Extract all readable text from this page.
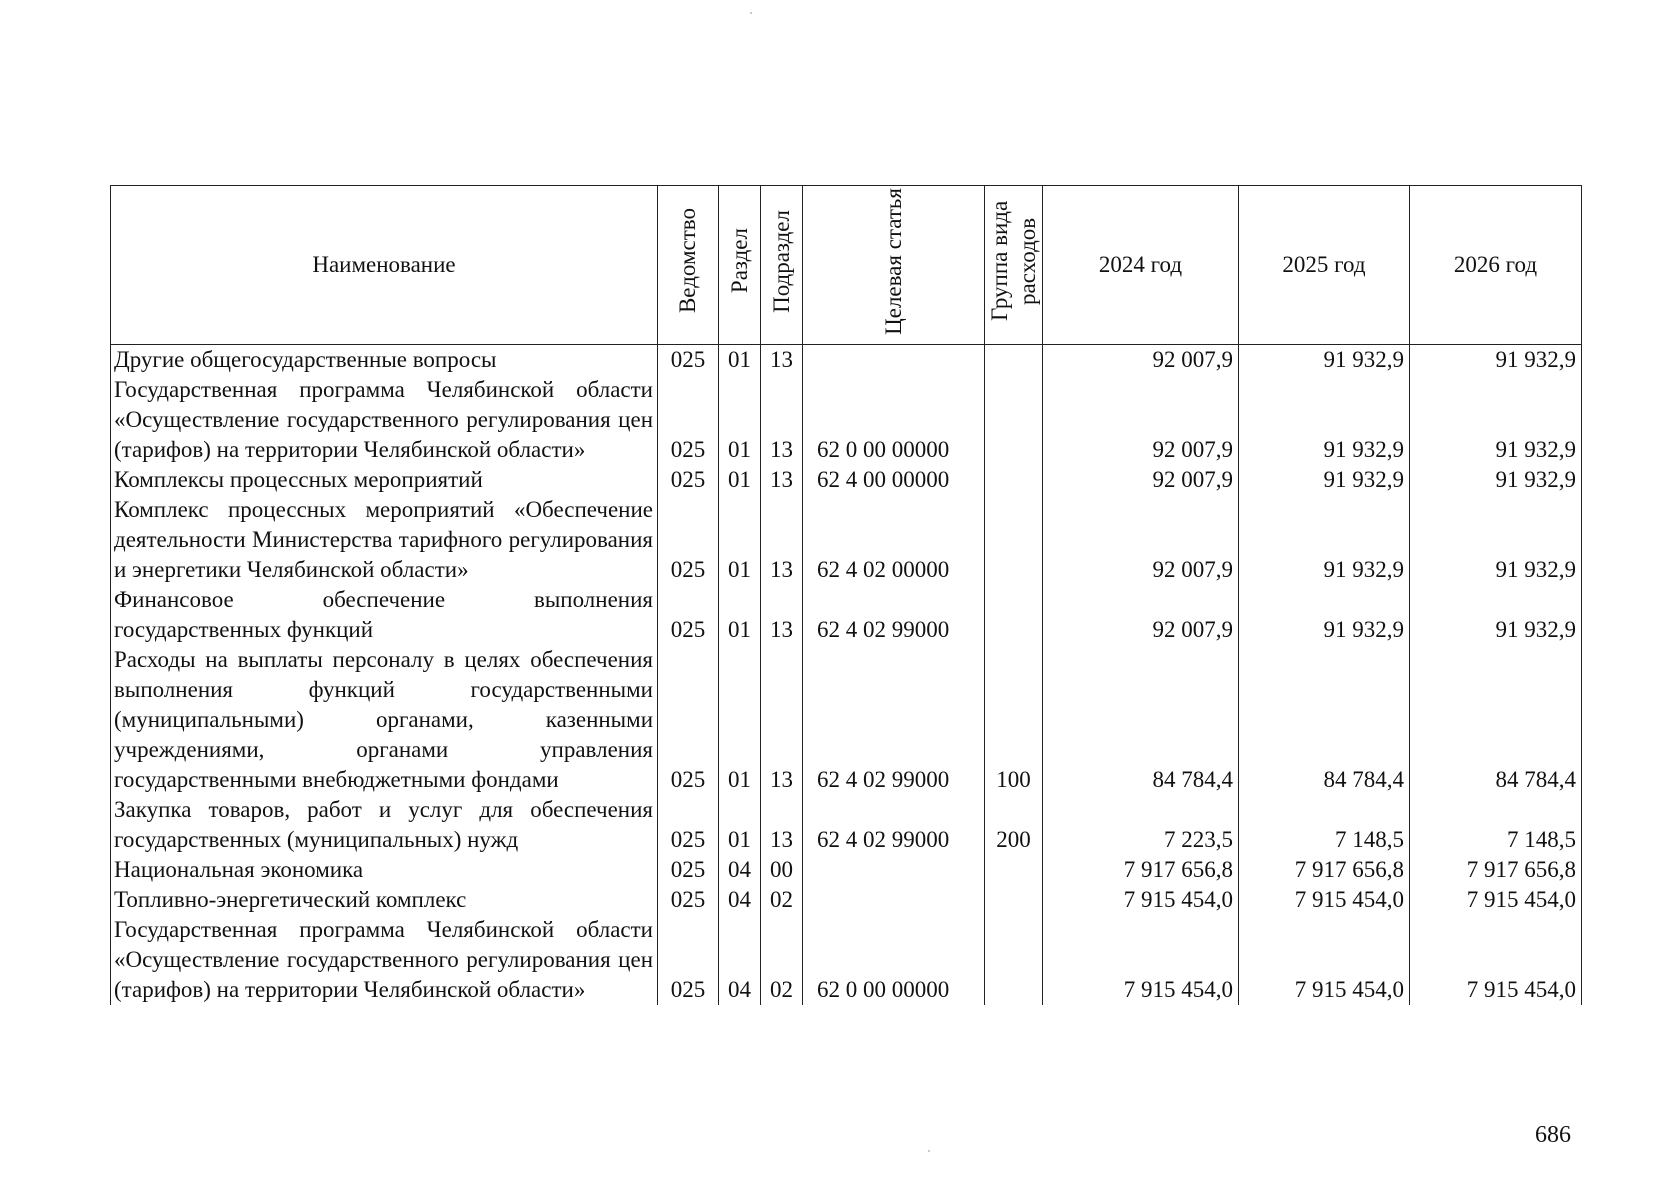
Наименование	Ведомство	Раздел	Подраздел	Целевая статья	Группа вида расходов	2024 год	2025 год	2026 год
Другие общегосударственные вопросы	025	01	13			92 007,9	91 932,9	91 932,9
Государственная программа Челябинской области «Осуществление государственного регулирования цен (тарифов) на территории Челябинской области»	025	01	13	62 0 00 00000		92 007,9	91 932,9	91 932,9
Комплексы процессных мероприятий	025	01	13	62 4 00 00000		92 007,9	91 932,9	91 932,9
Комплекс процессных мероприятий «Обеспечение деятельности Министерства тарифного регулирования и энергетики Челябинской области»	025	01	13	62 4 02 00000		92 007,9	91 932,9	91 932,9
Финансовое обеспечение выполнения государственных функций	025	01	13	62 4 02 99000		92 007,9	91 932,9	91 932,9
Расходы на выплаты персоналу в целях обеспечения выполнения функций государственными (муниципальными) органами, казенными учреждениями, органами управления государственными внебюджетными фондами	025	01	13	62 4 02 99000	100	84 784,4	84 784,4	84 784,4
Закупка товаров, работ и услуг для обеспечения государственных (муниципальных) нужд	025	01	13	62 4 02 99000	200	7 223,5	7 148,5	7 148,5
Национальная экономика	025	04	00			7 917 656,8	7 917 656,8	7 917 656,8
Топливно-энергетический комплекс	025	04	02			7 915 454,0	7 915 454,0	7 915 454,0
Государственная программа Челябинской области «Осуществление государственного регулирования цен (тарифов) на территории Челябинской области»	025	04	02	62 0 00 00000		7 915 454,0	7 915 454,0	7 915 454,0
686
